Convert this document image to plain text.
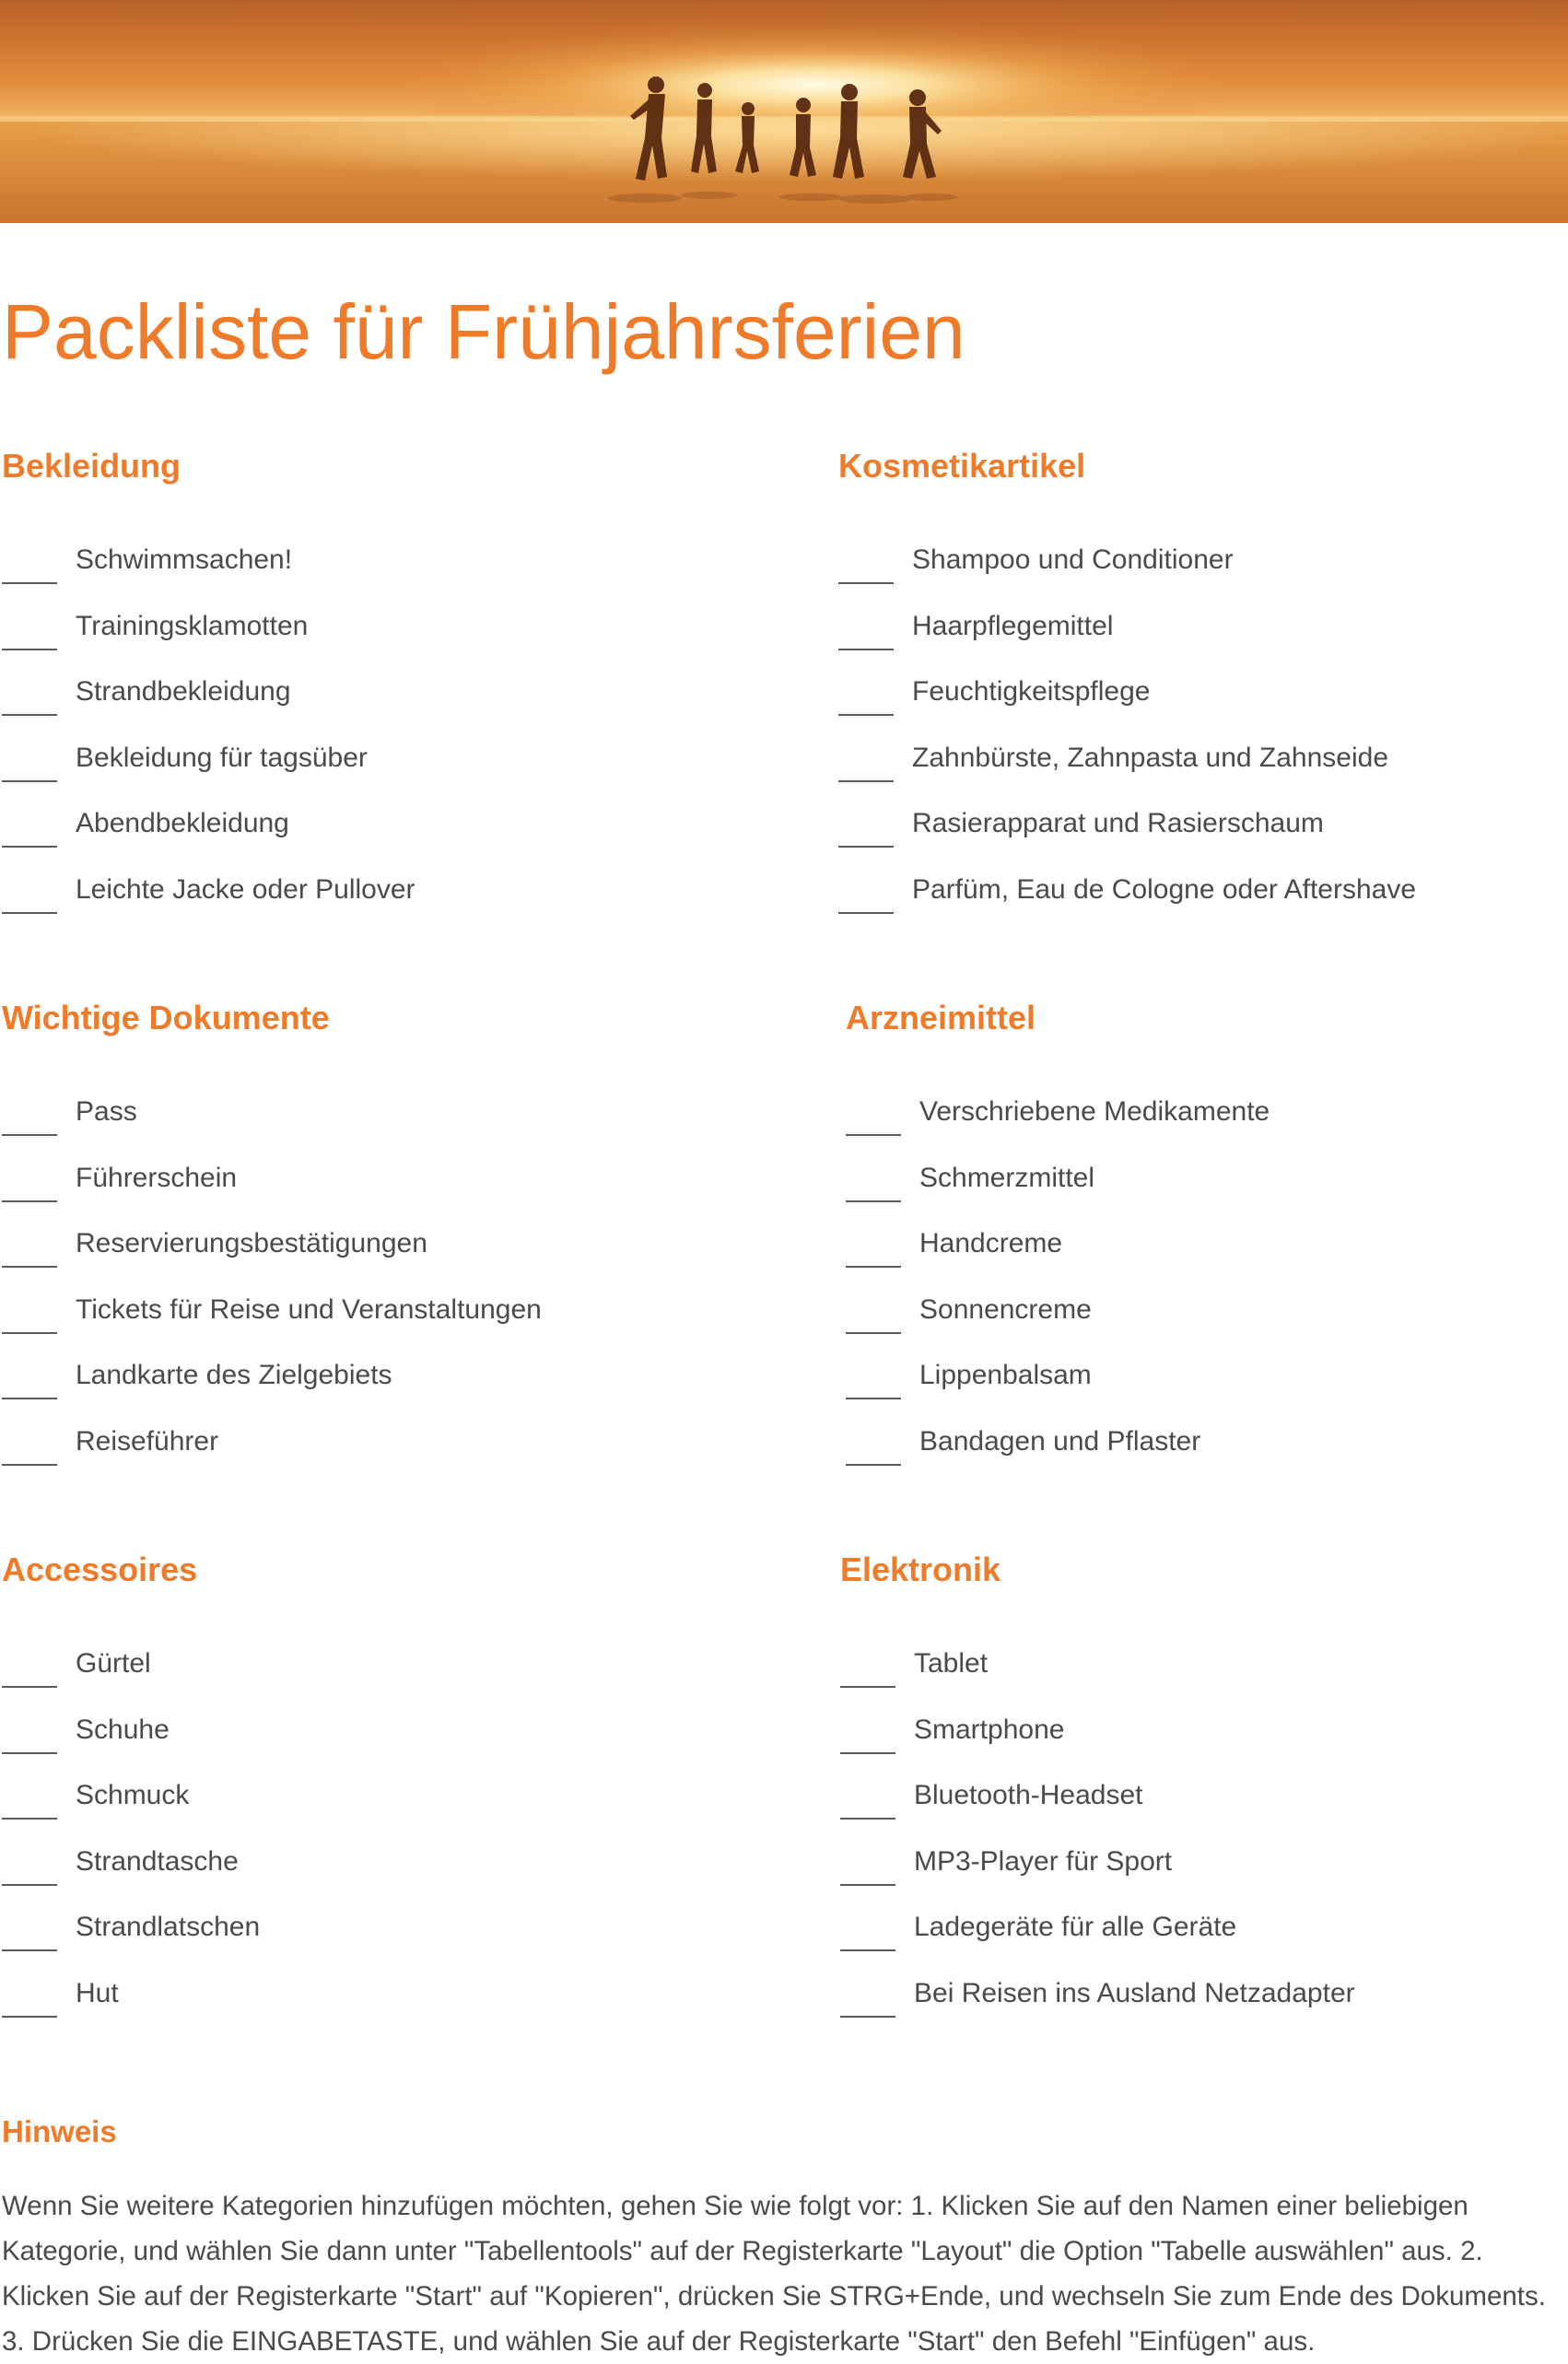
Packliste für Frühjahrsferien
Bekleidung
Schwimmsachen!
Trainingsklamotten
Strandbekleidung
Bekleidung für tagsüber
Abendbekleidung
Leichte Jacke oder Pullover
Kosmetikartikel
Shampoo und Conditioner
Haarpflegemittel
Feuchtigkeitspflege
Zahnbürste, Zahnpasta und Zahnseide
Rasierapparat und Rasierschaum
Parfüm, Eau de Cologne oder Aftershave
Wichtige Dokumente
Pass
Führerschein
Reservierungsbestätigungen
Tickets für Reise und Veranstaltungen
Landkarte des Zielgebiets
Reiseführer
Arzneimittel
Verschriebene Medikamente
Schmerzmittel
Handcreme
Sonnencreme
Lippenbalsam
Bandagen und Pflaster
Accessoires
Gürtel
Schuhe
Schmuck
Strandtasche
Strandlatschen
Hut
Elektronik
Tablet
Smartphone
Bluetooth-Headset
MP3-Player für Sport
Ladegeräte für alle Geräte
Bei Reisen ins Ausland Netzadapter
Hinweis

Wenn Sie weitere Kategorien hinzufügen möchten, gehen Sie wie folgt vor: 1. Klicken Sie auf den Namen einer beliebigen Kategorie, und wählen Sie dann unter "Tabellentools" auf der Registerkarte "Layout" die Option "Tabelle auswählen" aus. 2. Klicken Sie auf der Registerkarte "Start" auf "Kopieren", drücken Sie STRG+Ende, und wechseln Sie zum Ende des Dokuments. 3. Drücken Sie die EINGABETASTE, und wählen Sie auf der Registerkarte "Start" den Befehl "Einfügen" aus.
